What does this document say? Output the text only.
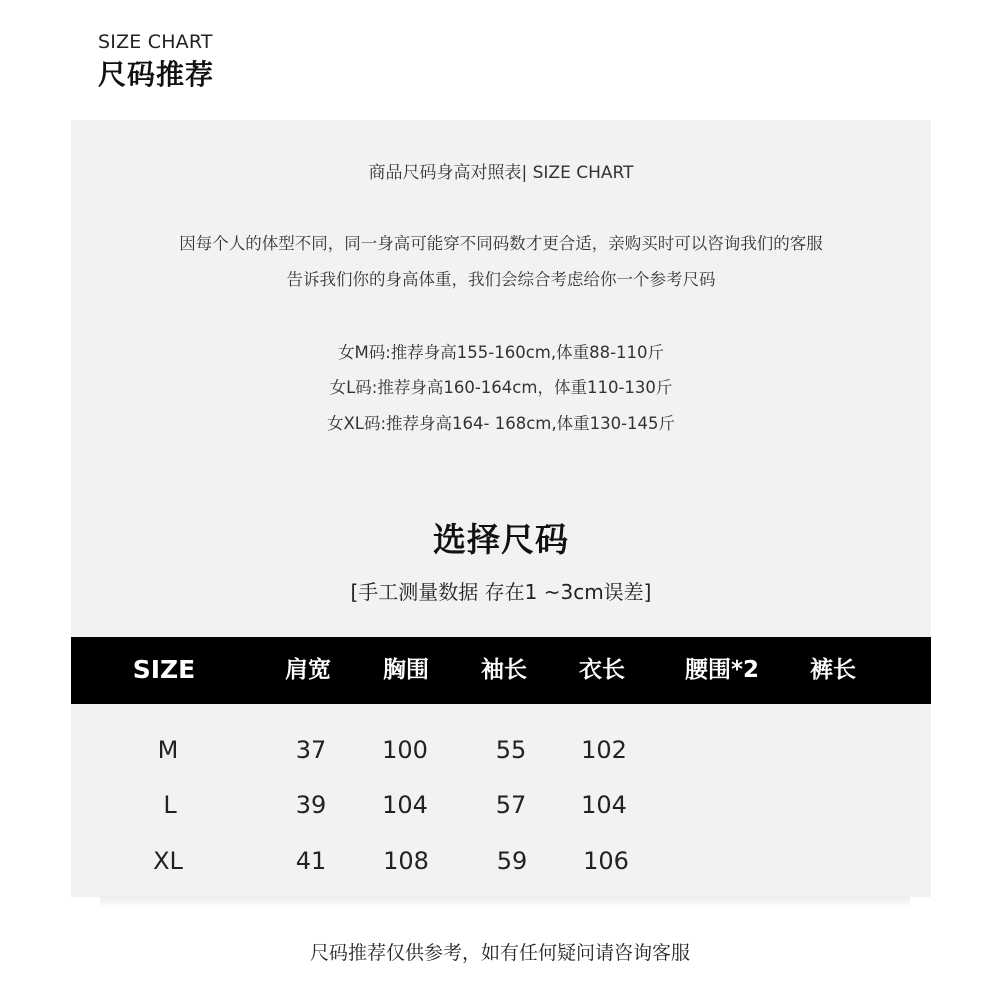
SIZE CHART
尺码推荐
商品尺码身高对照表| SIZE CHART
因每个人的体型不同，同一身高可能穿不同码数才更合适，亲购买时可以咨询我们的客服
告诉我们你的身高体重，我们会综合考虑给你一个参考尺码
女M码:推荐身高155-160cm,体重88-110斤
女L码:推荐身高160-164cm，体重110-130斤
女XL码:推荐身高164- 168cm,体重130-145斤
选择尺码
[手工测量数据 存在1 ~3cm误差]
SIZE	肩宽 胸围 袖长 衣长	腰围*2 裤长
M	37 100	55 102
L	39 104	57 104
XL	41 108	59 106
尺码推荐仅供参考，如有任何疑问请咨询客服
